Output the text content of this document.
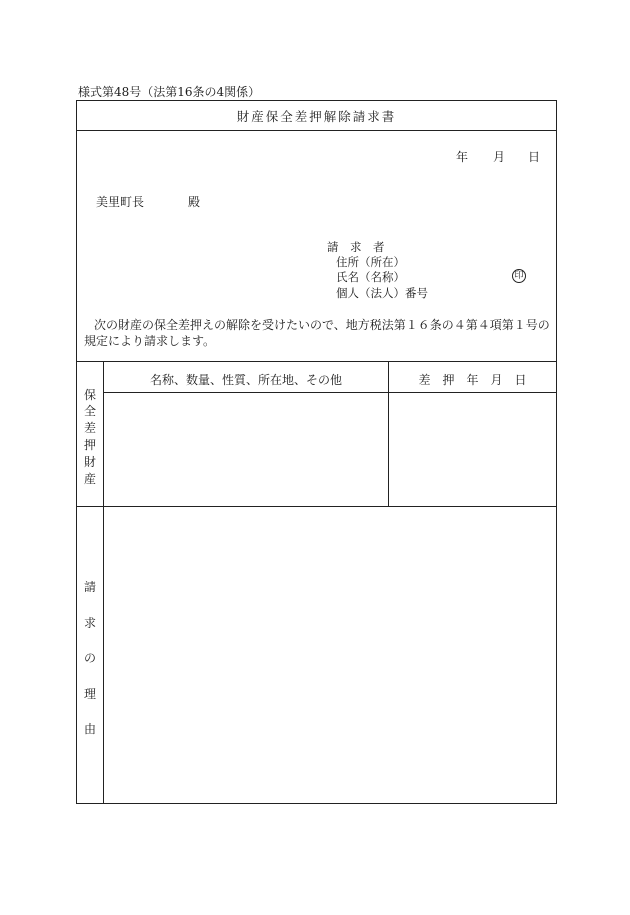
様式第48号（法第16条の4関係）
財産保全差押解除請求書
年 月 日
美里町長	殿
請　求　者
住所（所在）
氏名（名称）	印
個人（法人）番号
次の財産の保全差押えの解除を受けたいので、地方税法第１６条の４第４項第１号の規定により請求します。
保
全
差
押
財
産
名称、数量、性質、所在地、その他	差　押　年　月　日
請
求
の
理
由
